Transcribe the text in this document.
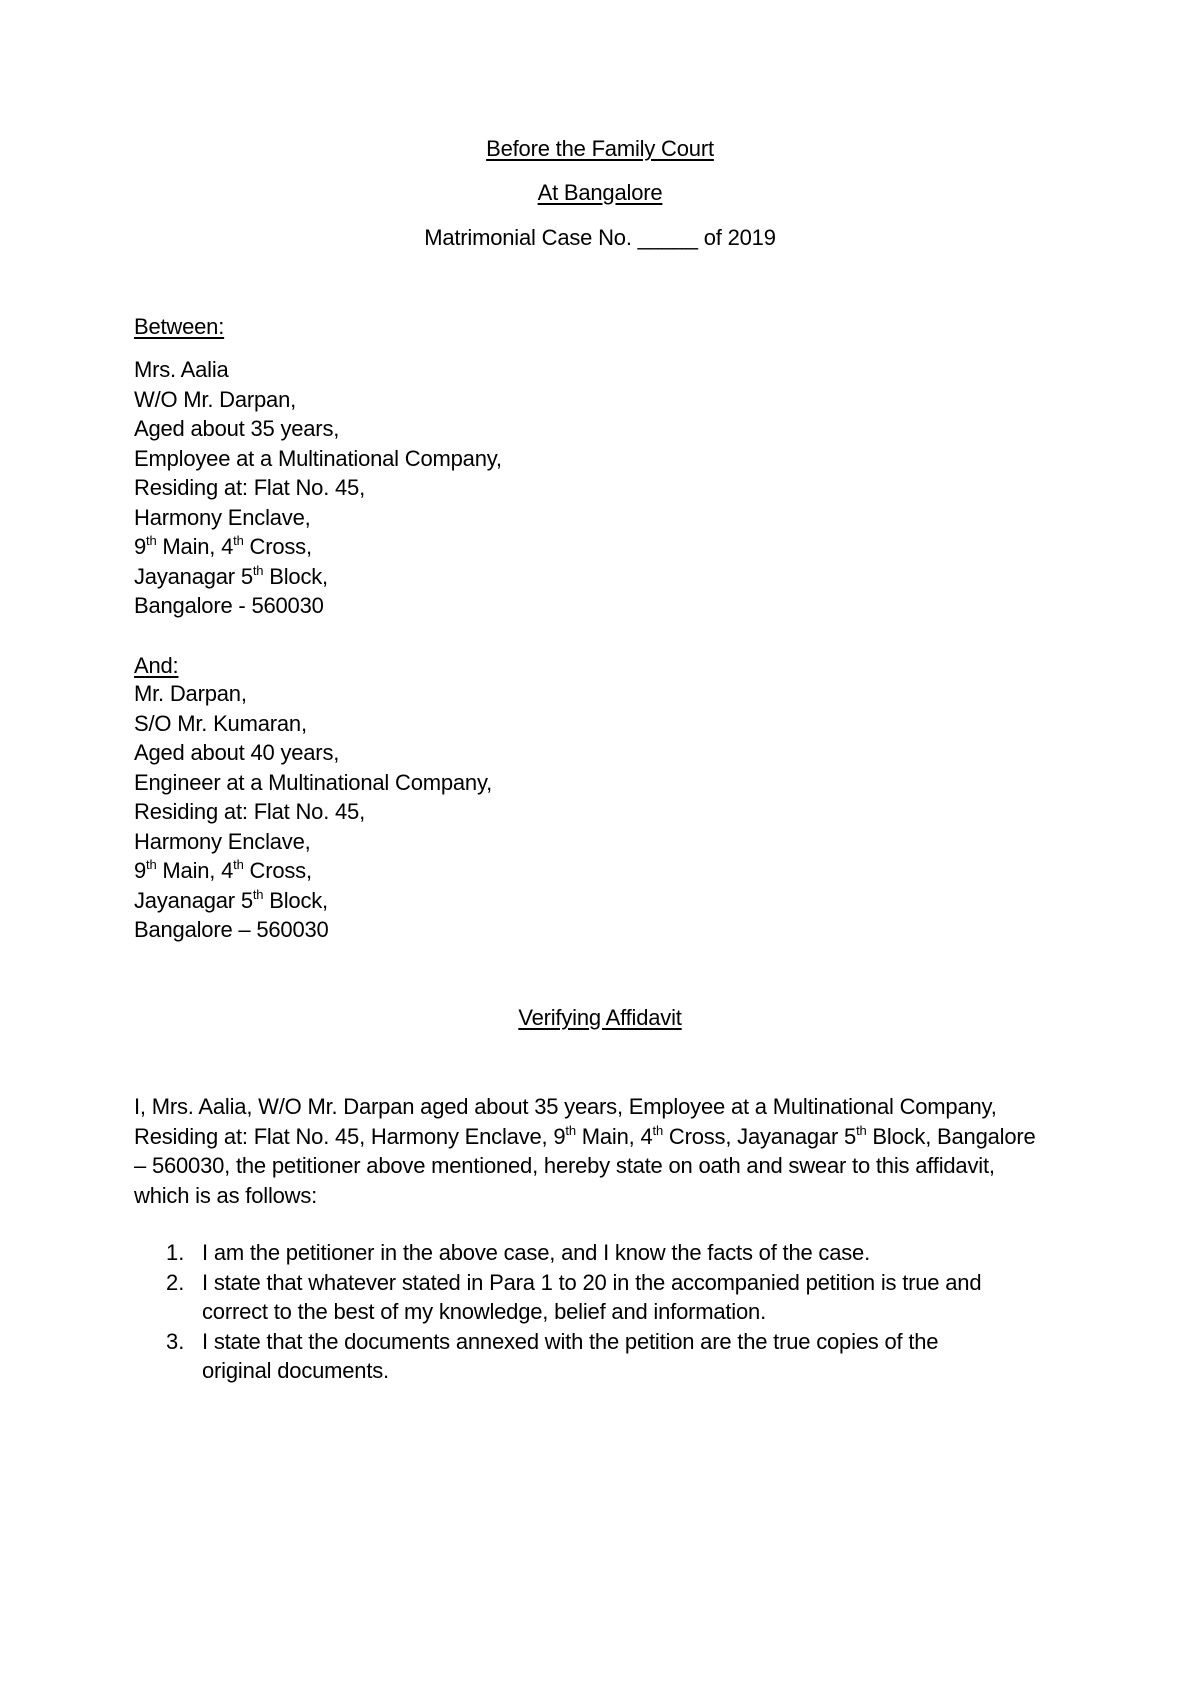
Before the Family Court
At Bangalore
Matrimonial Case No. _____ of 2019
Between:
Mrs. Aalia
W/O Mr. Darpan,
Aged about 35 years,
Employee at a Multinational Company,
Residing at: Flat No. 45,
Harmony Enclave,
9th Main, 4th Cross,
Jayanagar 5th Block,
Bangalore - 560030
And:
Mr. Darpan,
S/O Mr. Kumaran,
Aged about 40 years,
Engineer at a Multinational Company,
Residing at: Flat No. 45,
Harmony Enclave,
9th Main, 4th Cross,
Jayanagar 5th Block,
Bangalore – 560030
Verifying Affidavit
I, Mrs. Aalia, W/O Mr. Darpan aged about 35 years, Employee at a Multinational Company,
Residing at: Flat No. 45, Harmony Enclave, 9th Main, 4th Cross, Jayanagar 5th Block, Bangalore
– 560030, the petitioner above mentioned, hereby state on oath and swear to this affidavit,
which is as follows:
1. I am the petitioner in the above case, and I know the facts of the case.
2. I state that whatever stated in Para 1 to 20 in the accompanied petition is true and
correct to the best of my knowledge, belief and information.
3. I state that the documents annexed with the petition are the true copies of the
original documents.
